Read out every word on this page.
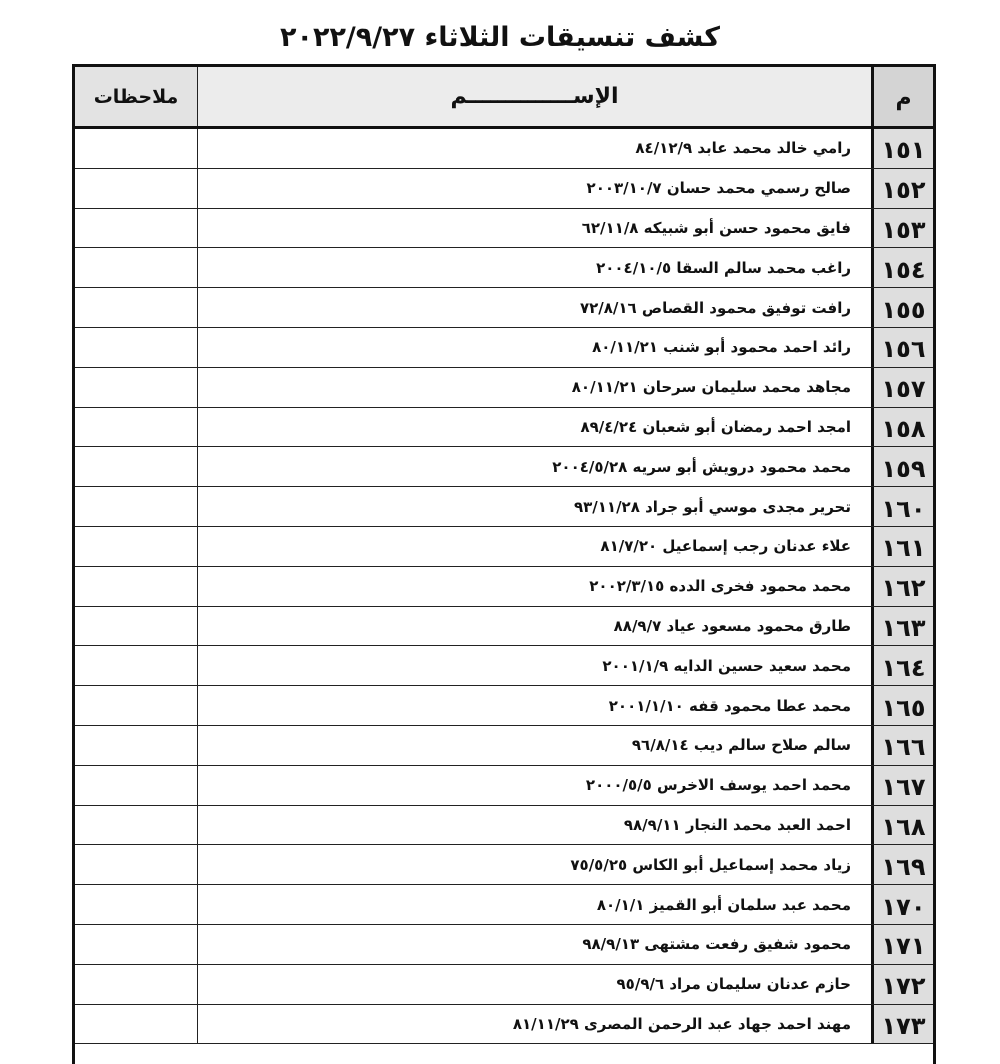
كشف تنسيقات الثلاثاء ٢٠٢٢/٩/٢٧
م
الإســــــــــــــم
ملاحظات
١٥١
رامي خالد محمد عابد ٨٤/١٢/٩
١٥٢
صالح رسمي محمد حسان ٢٠٠٣/١٠/٧
١٥٣
فايق محمود حسن أبو شبيكه ٦٢/١١/٨
١٥٤
راغب محمد سالم السقا ٢٠٠٤/١٠/٥
١٥٥
رافت توفيق محمود القصاص ٧٢/٨/١٦
١٥٦
رائد احمد محمود أبو شنب ٨٠/١١/٢١
١٥٧
مجاهد محمد سليمان سرحان ٨٠/١١/٢١
١٥٨
امجد احمد رمضان أبو شعبان ٨٩/٤/٢٤
١٥٩
محمد محمود درويش أبو سريه ٢٠٠٤/٥/٢٨
١٦٠
تحرير مجدى موسي أبو جراد ٩٣/١١/٢٨
١٦١
علاء عدنان رجب إسماعيل ٨١/٧/٢٠
١٦٢
محمد محمود فخرى الدده ٢٠٠٢/٣/١٥
١٦٣
طارق محمود مسعود عياد ٨٨/٩/٧
١٦٤
محمد سعيد حسين الدايه ٢٠٠١/١/٩
١٦٥
محمد عطا محمود قفه ٢٠٠١/١/١٠
١٦٦
سالم صلاح سالم ديب ٩٦/٨/١٤
١٦٧
محمد احمد يوسف الاخرس ٢٠٠٠/٥/٥
١٦٨
احمد العبد محمد النجار ٩٨/٩/١١
١٦٩
زياد محمد إسماعيل أبو الكاس ٧٥/٥/٢٥
١٧٠
محمد عبد سلمان أبو القميز ٨٠/١/١
١٧١
محمود شفيق رفعت مشتهى ٩٨/٩/١٣
١٧٢
حازم عدنان سليمان مراد ٩٥/٩/٦
١٧٣
مهند احمد جهاد عبد الرحمن المصرى ٨١/١١/٢٩
